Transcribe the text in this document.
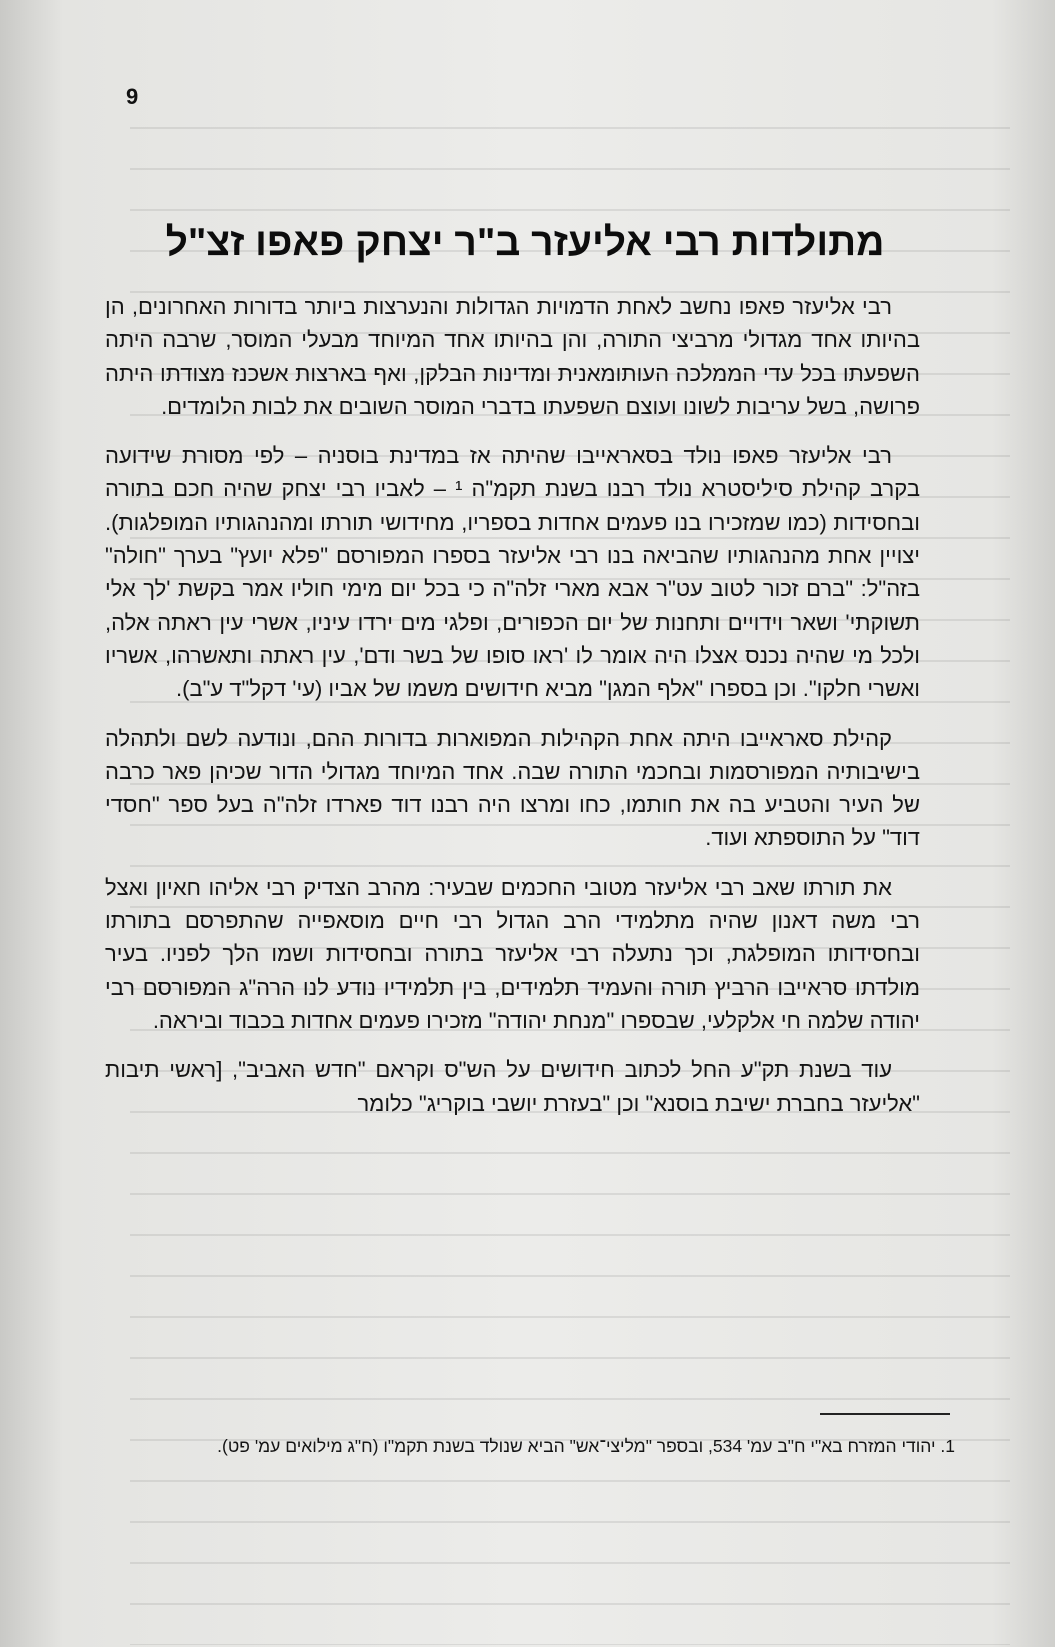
9
מתולדות רבי אליעזר ב"ר יצחק פאפו זצ"ל

רבי אליעזר פאפו נחשב לאחת הדמויות הגדולות והנערצות ביותר בדורות האחרונים, הן בהיותו אחד מגדולי מרביצי התורה, והן בהיותו אחד המיוחד מבעלי המוסר, שרבה היתה השפעתו בכל עדי הממלכה העותומאנית ומדינות הבלקן, ואף בארצות אשכנז מצודתו היתה פרושה, בשל עריבות לשונו ועוצם השפעתו בדברי המוסר השובים את לבות הלומדים.

רבי אליעזר פאפו נולד בסאראייבו שהיתה אז במדינת בוסניה – לפי מסורת שידועה בקרב קהילת סיליסטרא נולד רבנו בשנת תקמ"ה ¹ – לאביו רבי יצחק שהיה חכם בתורה ובחסידות (כמו שמזכירו בנו פעמים אחדות בספריו, מחידושי תורתו ומהנהגותיו המופלגות). יצויין אחת מהנהגותיו שהביאה בנו רבי אליעזר בספרו המפורסם "פלא יועץ" בערך "חולה" בזה"ל: "ברם זכור לטוב עט"ר אבא מארי זלה"ה כי בכל יום מימי חוליו אמר בקשת 'לך אלי תשוקתי' ושאר וידויים ותחנות של יום הכפורים, ופלגי מים ירדו עיניו, אשרי עין ראתה אלה, ולכל מי שהיה נכנס אצלו היה אומר לו 'ראו סופו של בשר ודם', עין ראתה ותאשרהו, אשריו ואשרי חלקו". וכן בספרו "אלף המגן" מביא חידושים משמו של אביו (עי' דקל"ד ע"ב).

קהילת סאראייבו היתה אחת הקהילות המפוארות בדורות ההם, ונודעה לשם ולתהלה בישיבותיה המפורסמות ובחכמי התורה שבה. אחד המיוחד מגדולי הדור שכיהן פאר כרבה של העיר והטביע בה את חותמו, כחו ומרצו היה רבנו דוד פארדו זלה"ה בעל ספר "חסדי דוד" על התוספתא ועוד.

את תורתו שאב רבי אליעזר מטובי החכמים שבעיר: מהרב הצדיק רבי אליהו חאיון ואצל רבי משה דאנון שהיה מתלמידי הרב הגדול רבי חיים מוסאפייה שהתפרסם בתורתו ובחסידותו המופלגת, וכך נתעלה רבי אליעזר בתורה ובחסידות ושמו הלך לפניו. בעיר מולדתו סראייבו הרביץ תורה והעמיד תלמידים, בין תלמידיו נודע לנו הרה"ג המפורסם רבי יהודה שלמה חי אלקלעי, שבספרו "מנחת יהודה" מזכירו פעמים אחדות בכבוד וביראה.

עוד בשנת תק"ע החל לכתוב חידושים על הש"ס וקראם "חדש האביב", [ראשי תיבות "אליעזר בחברת ישיבת בוסנא" וכן "בעזרת יושבי בוקריג" כלומר

1. יהודי המזרח בא"י ח"ב עמ' 534, ובספר "מליצי־אש" הביא שנולד בשנת תקמ"ו (ח"ג מילואים עמ' פט).
